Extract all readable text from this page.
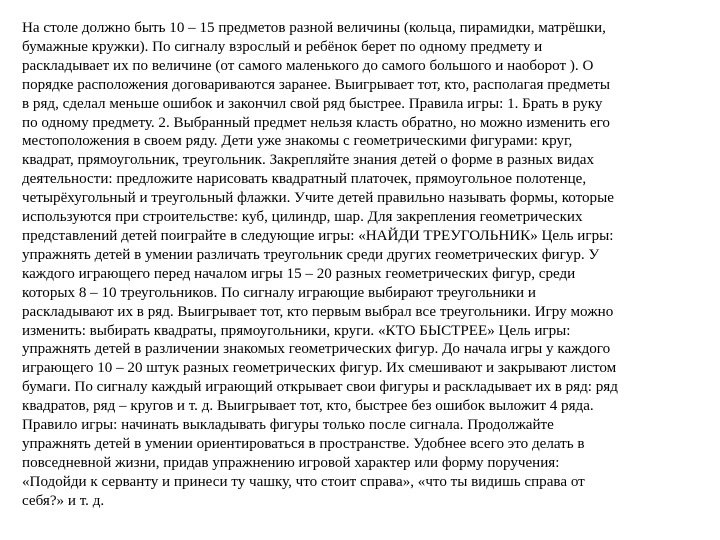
На столе должно быть 10 – 15 предметов разной величины (кольца, пирамидки, матрёшки,
бумажные кружки). По сигналу взрослый и ребёнок берет по одному предмету и
раскладывает их по величине (от самого маленького до самого большого и наоборот ). О
порядке расположения договариваются заранее. Выигрывает тот, кто, располагая предметы
в ряд, сделал меньше ошибок и закончил свой ряд быстрее. Правила игры: 1. Брать в руку
по одному предмету. 2. Выбранный предмет нельзя класть обратно, но можно изменить его
местоположения в своем ряду. Дети уже знакомы с геометрическими фигурами: круг,
квадрат, прямоугольник, треугольник. Закрепляйте знания детей о форме в разных видах
деятельности: предложите нарисовать квадратный платочек, прямоугольное полотенце,
четырёхугольный и треугольный флажки. Учите детей правильно называть формы, которые
используются при строительстве: куб, цилиндр, шар. Для закрепления геометрических
представлений детей поиграйте в следующие игры: «НАЙДИ ТРЕУГОЛЬНИК» Цель игры:
упражнять детей в умении различать треугольник среди других геометрических фигур. У
каждого играющего перед началом игры 15 – 20 разных геометрических фигур, среди
которых 8 – 10 треугольников. По сигналу играющие выбирают треугольники и
раскладывают их в ряд. Выигрывает тот, кто первым выбрал все треугольники. Игру можно
изменить: выбирать квадраты, прямоугольники, круги. «КТО БЫСТРЕЕ» Цель игры:
упражнять детей в различении знакомых геометрических фигур. До начала игры у каждого
играющего 10 – 20 штук разных геометрических фигур. Их смешивают и закрывают листом
бумаги. По сигналу каждый играющий открывает свои фигуры и раскладывает их в ряд: ряд
квадратов, ряд – кругов и т. д. Выигрывает тот, кто, быстрее без ошибок выложит 4 ряда.
Правило игры: начинать выкладывать фигуры только после сигнала. Продолжайте
упражнять детей в умении ориентироваться в пространстве. Удобнее всего это делать в
повседневной жизни, придав упражнению игровой характер или форму поручения:
«Подойди к серванту и принеси ту чашку, что стоит справа», «что ты видишь справа от
себя?» и т. д.
